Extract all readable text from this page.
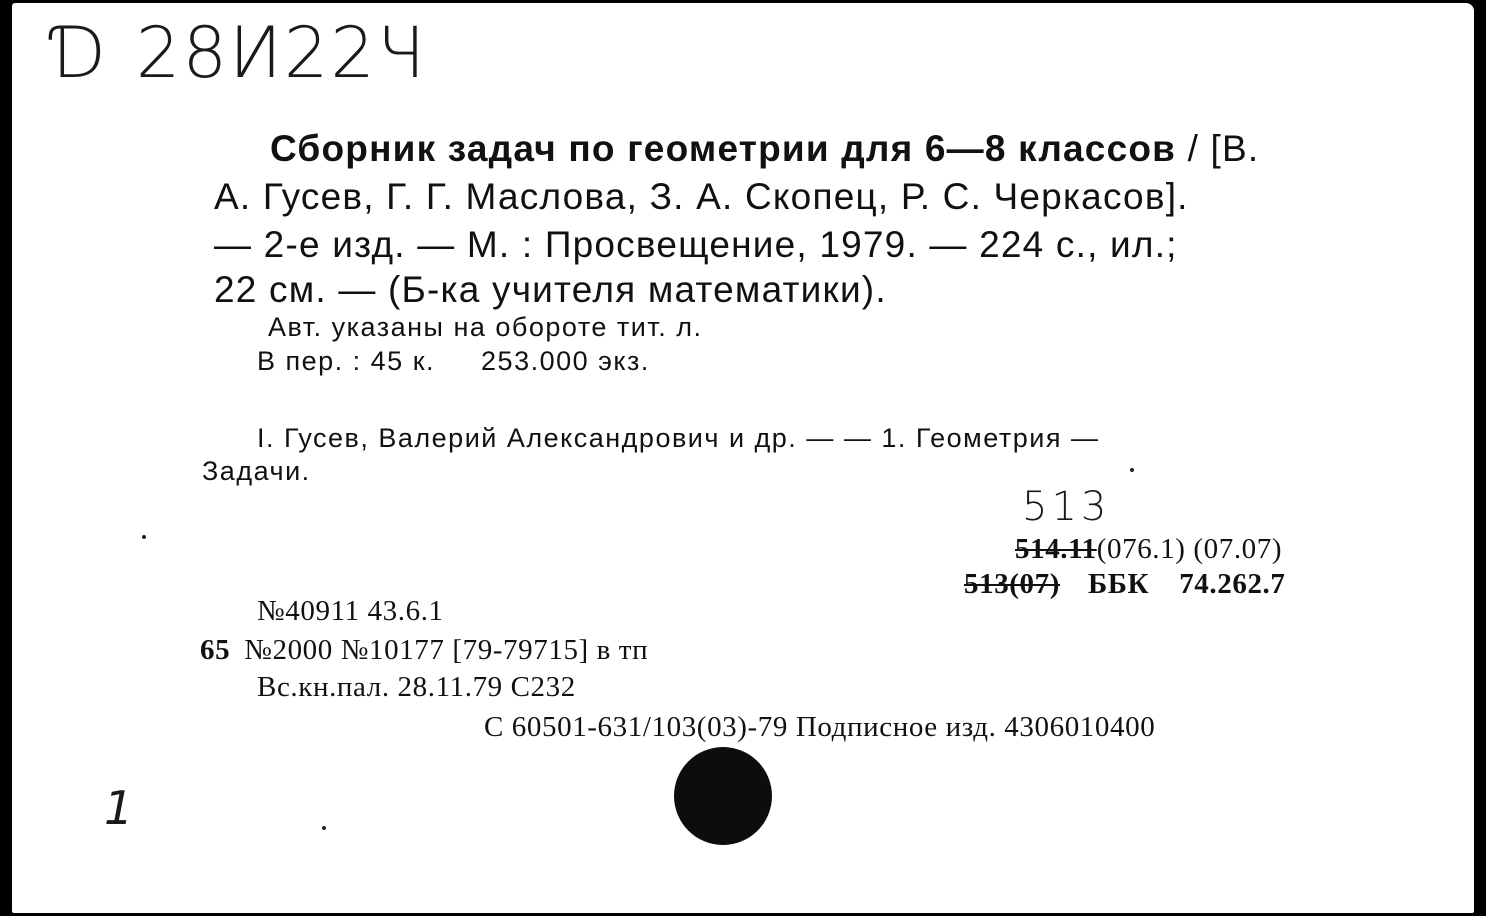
Ɗ 28И22Ч
Сборник задач по геометрии для 6—8 классов / [В.
А. Гусев, Г. Г. Маслова, З. А. Скопец, Р. С. Черкасов].
— 2-е изд. — М. : Просвещение, 1979. — 224 с., ил.;
22 см. — (Б-ка учителя математики).
Авт. указаны на обороте тит. л.
В пер. : 45 к. 253.000 экз.
I. Гусев, Валерий Александрович и др. — — 1. Геометрия —
Задачи.
513
514.11(076.1) (07.07)
513(07) ББК 74.262.7
№40911 43.6.1
65 №2000 №10177 [79-79715] в тп
Вс.кн.пал. 28.11.79 С232
С 60501-631/103(03)-79 Подписное изд. 4306010400
1
